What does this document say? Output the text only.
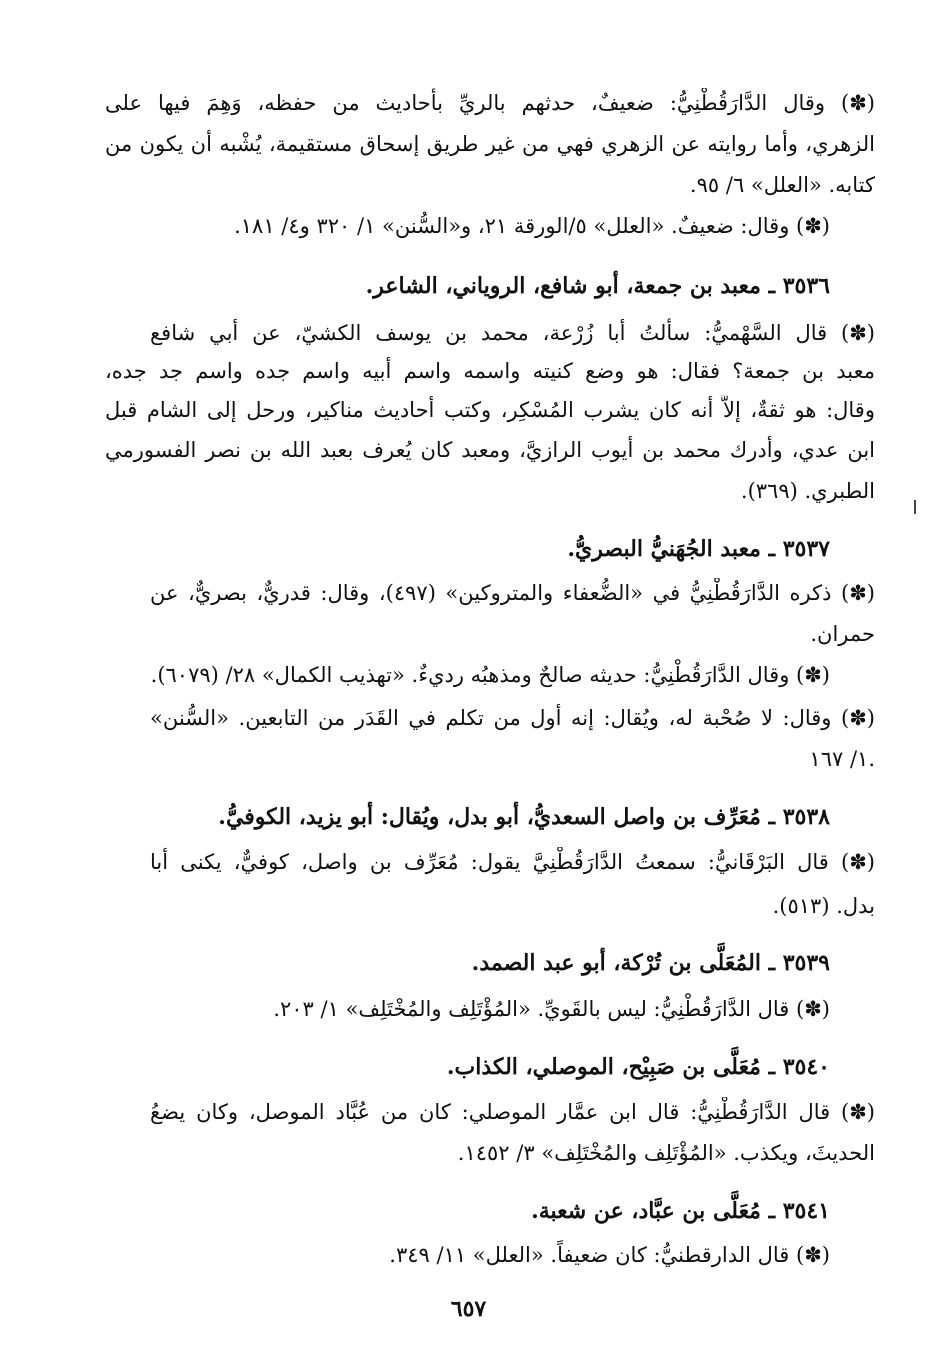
(✽) وقال الدَّارَقُطْنِيُّ: ضعيفٌ، حدثهم بالريِّ بأحاديث من حفظه، وَهِمَ فيها على

الزهري، وأما روايته عن الزهري فهي من غير طريق إسحاق مستقيمة، يُشْبه أن يكون من

كتابه. «العلل» ٦/ ٩٥.

(✽) وقال: ضعيفٌ. «العلل» ٥/الورقة ٢١، و«السُّنن» ١/ ٣٢٠ و٤/ ١٨١.

٣٥٣٦ ـ معبد بن جمعة، أبو شافع، الروياني، الشاعر.

(✽) قال السَّهْميُّ: سألتُ أبا زُرْعة، محمد بن يوسف الكشيّ، عن أبي شافع

معبد بن جمعة؟ فقال: هو وضع كنيته واسمه واسم أبيه واسم جده واسم جد جده،

وقال: هو ثقةٌ، إلاَّ أنه كان يشرب المُسْكِر، وكتب أحاديث مناكير، ورحل إلى الشام قبل

ابن عدي، وأدرك محمد بن أيوب الرازيَّ، ومعبد كان يُعرف بعبد الله بن نصر الفسورمي

الطبري. (٣٦٩).

٣٥٣٧ ـ معبد الجُهَنيُّ البصريُّ.

(✽) ذكره الدَّارَقُطْنِيُّ في «الضُّعفاء والمتروكين» (٤٩٧)، وقال: قدريٌّ، بصريٌّ، عن

حمران.

(✽) وقال الدَّارَقُطْنِيُّ: حديثه صالحٌ ومذهبُه رديءٌ. «تهذيب الكمال» ٢٨/ (٦٠٧٩).

(✽) وقال: لا صُحْبة له، ويُقال: إنه أول من تكلم في القَدَر من التابعين. «السُّنن»

١/ ١٦٧.

٣٥٣٨ ـ مُعَرِّف بن واصل السعديُّ، أبو بدل، ويُقال: أبو يزيد، الكوفيُّ.

(✽) قال البَرْقَانيُّ: سمعتُ الدَّارَقُطْنِيَّ يقول: مُعَرِّف بن واصل، كوفيٌّ، يكنى أبا

بدل. (٥١٣).

٣٥٣٩ ـ المُعَلَّى بن تُرْكة، أبو عبد الصمد.

(✽) قال الدَّارَقُطْنِيُّ: ليس بالقَويِّ. «المُؤْتَلِف والمُخْتَلِف» ١/ ٢٠٣.

٣٥٤٠ ـ مُعَلَّى بن صَبِيْح، الموصلي، الكذاب.

(✽) قال الدَّارَقُطْنِيُّ: قال ابن عمَّار الموصلي: كان من عُبَّاد الموصل، وكان يضعُ

الحديثَ، ويكذب. «المُؤْتَلِف والمُخْتَلِف» ٣/ ١٤٥٢.

٣٥٤١ ـ مُعَلَّى بن عبَّاد، عن شعبة.

(✽) قال الدارقطنيُّ: كان ضعيفاً. «العلل» ١١/ ٣٤٩.

٦٥٧
